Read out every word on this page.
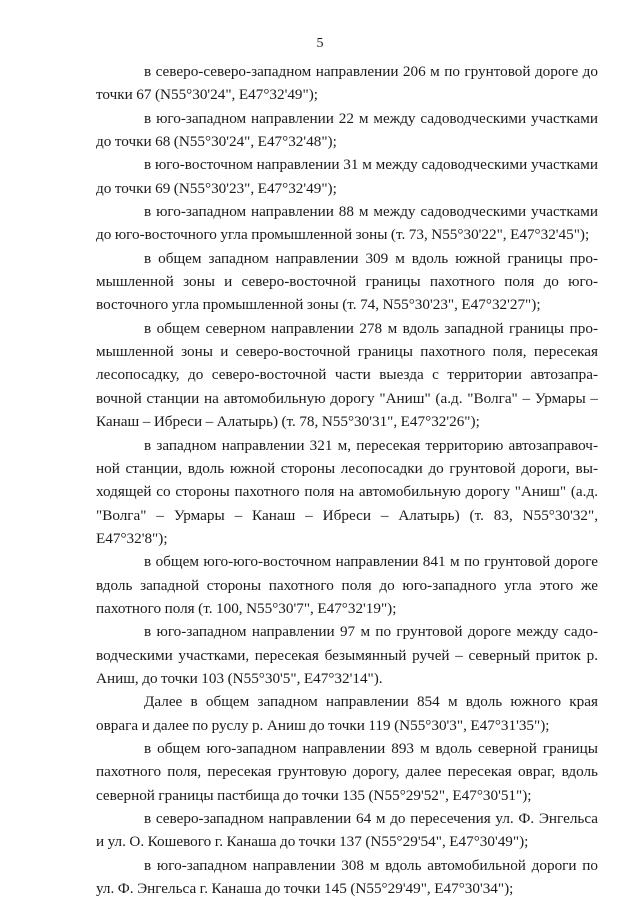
5

в северо-северо-западном направлении 206 м по грунтовой дороге до точки 67 (N55°30'24", E47°32'49");

в юго-западном направлении 22 м между садоводческими участками до точки 68 (N55°30'24", E47°32'48");

в юго-восточном направлении 31 м между садоводческими участками до точки 69 (N55°30'23", E47°32'49");

в юго-западном направлении 88 м между садоводческими участками до юго-восточного угла промышленной зоны (т. 73, N55°30'22", E47°32'45");

в общем западном направлении 309 м вдоль южной границы промышленной зоны и северо-восточной границы пахотного поля до юго-восточного угла промышленной зоны (т. 74, N55°30'23", E47°32'27");

в общем северном направлении 278 м вдоль западной границы промышленной зоны и северо-восточной границы пахотного поля, пересекая лесопосадку, до северо-восточной части выезда с территории автозаправочной станции на автомобильную дорогу "Аниш" (а.д. "Волга" – Урмары – Канаш – Ибреси – Алатырь) (т. 78, N55°30'31", E47°32'26");

в западном направлении 321 м, пересекая территорию автозаправочной станции, вдоль южной стороны лесопосадки до грунтовой дороги, выходящей со стороны пахотного поля на автомобильную дорогу "Аниш" (а.д. "Волга" – Урмары – Канаш – Ибреси – Алатырь) (т. 83, N55°30'32", E47°32'8");

в общем юго-юго-восточном направлении 841 м по грунтовой дороге вдоль западной стороны пахотного поля до юго-западного угла этого же пахотного поля (т. 100, N55°30'7", E47°32'19");

в юго-западном направлении 97 м по грунтовой дороге между садоводческими участками, пересекая безымянный ручей – северный приток р. Аниш, до точки 103 (N55°30'5", E47°32'14").

Далее в общем западном направлении 854 м вдоль южного края оврага и далее по руслу р. Аниш до точки 119 (N55°30'3", E47°31'35");

в общем юго-западном направлении 893 м вдоль северной границы пахотного поля, пересекая грунтовую дорогу, далее пересекая овраг, вдоль северной границы пастбища до точки 135 (N55°29'52", E47°30'51");

в северо-западном направлении 64 м до пересечения ул. Ф. Энгельса и ул. О. Кошевого г. Канаша до точки 137 (N55°29'54", E47°30'49");

в юго-западном направлении 308 м вдоль автомобильной дороги по ул. Ф. Энгельса г. Канаша до точки 145 (N55°29'49", E47°30'34");
